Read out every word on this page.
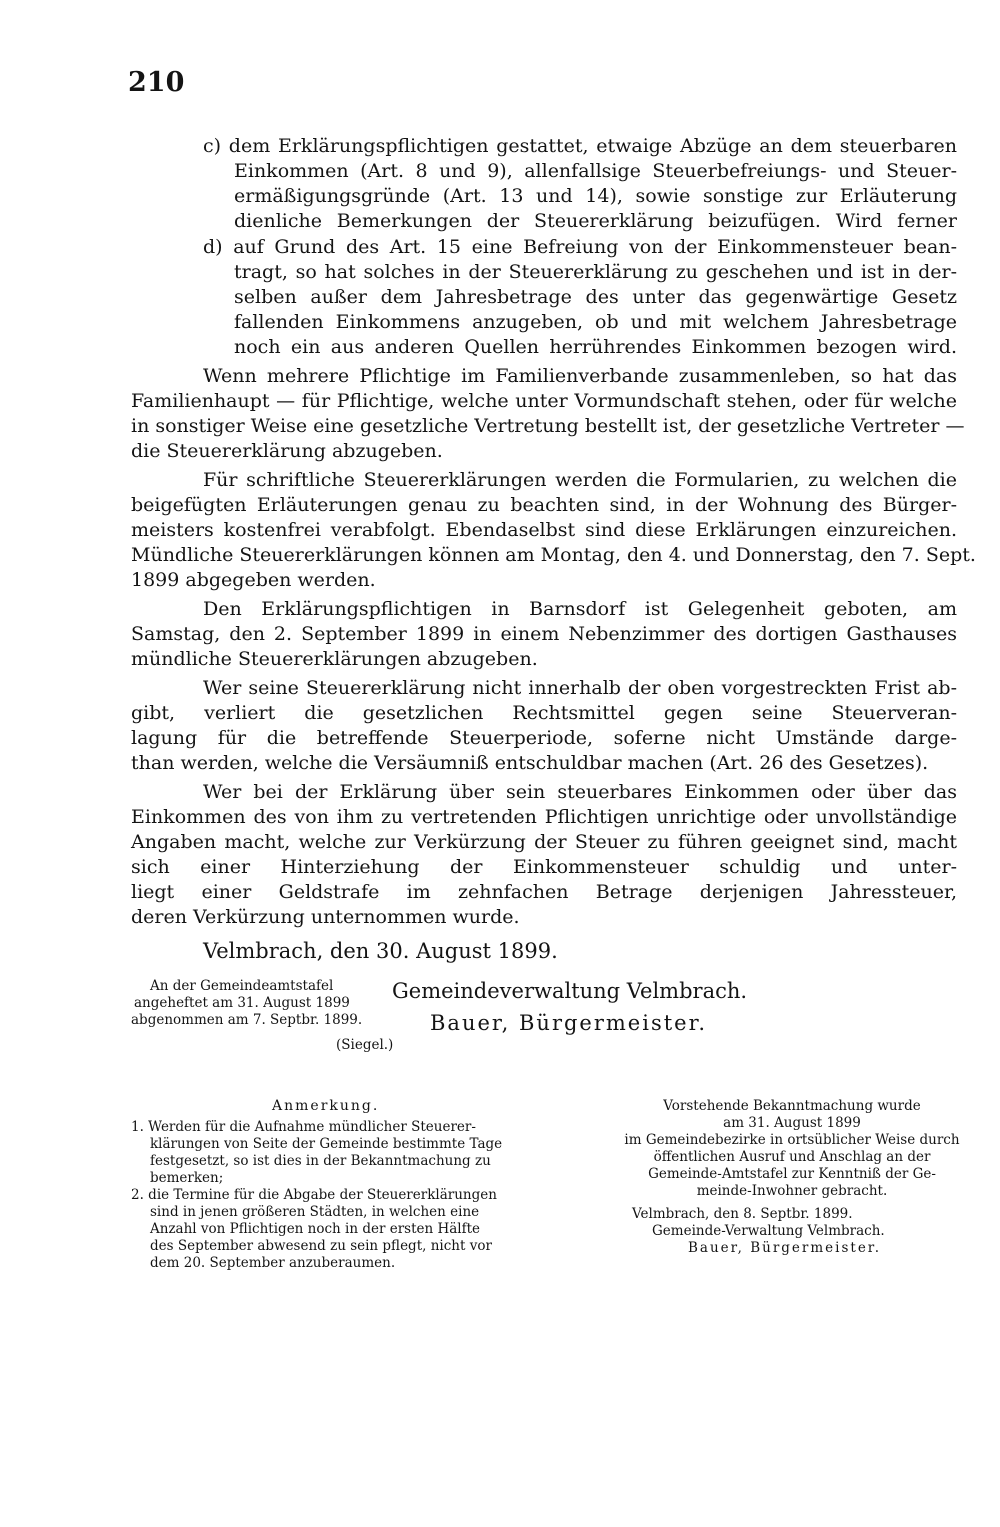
210
c) dem Erklärungspflichtigen gestattet, etwaige Abzüge an dem steuerbaren
Einkommen (Art. 8 und 9), allenfallsige Steuerbefreiungs- und Steuer-
ermäßigungsgründe (Art. 13 und 14), sowie sonstige zur Erläuterung
dienliche Bemerkungen der Steuererklärung beizufügen. Wird ferner
d) auf Grund des Art. 15 eine Befreiung von der Einkommensteuer bean-
tragt, so hat solches in der Steuererklärung zu geschehen und ist in der-
selben außer dem Jahresbetrage des unter das gegenwärtige Gesetz
fallenden Einkommens anzugeben, ob und mit welchem Jahresbetrage
noch ein aus anderen Quellen herrührendes Einkommen bezogen wird.
Wenn mehrere Pflichtige im Familienverbande zusammenleben, so hat das
Familienhaupt — für Pflichtige, welche unter Vormundschaft stehen, oder für welche
in sonstiger Weise eine gesetzliche Vertretung bestellt ist, der gesetzliche Vertreter —
die Steuererklärung abzugeben.
Für schriftliche Steuererklärungen werden die Formularien, zu welchen die
beigefügten Erläuterungen genau zu beachten sind, in der Wohnung des Bürger-
meisters kostenfrei verabfolgt. Ebendaselbst sind diese Erklärungen einzureichen.
Mündliche Steuererklärungen können am Montag, den 4. und Donnerstag, den 7. Sept.
1899 abgegeben werden.
Den Erklärungspflichtigen in Barnsdorf ist Gelegenheit geboten, am
Samstag, den 2. September 1899 in einem Nebenzimmer des dortigen Gasthauses
mündliche Steuererklärungen abzugeben.
Wer seine Steuererklärung nicht innerhalb der oben vorgestreckten Frist ab-
gibt, verliert die gesetzlichen Rechtsmittel gegen seine Steuerveran-
lagung für die betreffende Steuerperiode, soferne nicht Umstände darge-
than werden, welche die Versäumniß entschuldbar machen (Art. 26 des Gesetzes).
Wer bei der Erklärung über sein steuerbares Einkommen oder über das
Einkommen des von ihm zu vertretenden Pflichtigen unrichtige oder unvollständige
Angaben macht, welche zur Verkürzung der Steuer zu führen geeignet sind, macht
sich einer Hinterziehung der Einkommensteuer schuldig und unter-
liegt einer Geldstrafe im zehnfachen Betrage derjenigen Jahressteuer,
deren Verkürzung unternommen wurde.
Velmbrach, den 30. August 1899.
An der Gemeindeamtstafel
angeheftet am 31. August 1899
abgenommen am 7. Septbr. 1899.
(Siegel.)
Gemeindeverwaltung Velmbrach.
Bauer, Bürgermeister.
Anmerkung.
1. Werden für die Aufnahme mündlicher Steuerer-
klärungen von Seite der Gemeinde bestimmte Tage
festgesetzt, so ist dies in der Bekanntmachung zu
bemerken;
2. die Termine für die Abgabe der Steuererklärungen
sind in jenen größeren Städten, in welchen eine
Anzahl von Pflichtigen noch in der ersten Hälfte
des September abwesend zu sein pflegt, nicht vor
dem 20. September anzuberaumen.
Vorstehende Bekanntmachung wurde
am 31. August 1899
im Gemeindebezirke in ortsüblicher Weise durch
öffentlichen Ausruf und Anschlag an der
Gemeinde-Amtstafel zur Kenntniß der Ge-
meinde-Inwohner gebracht.
Velmbrach, den 8. Septbr. 1899.
Gemeinde-Verwaltung Velmbrach.
Bauer, Bürgermeister.
